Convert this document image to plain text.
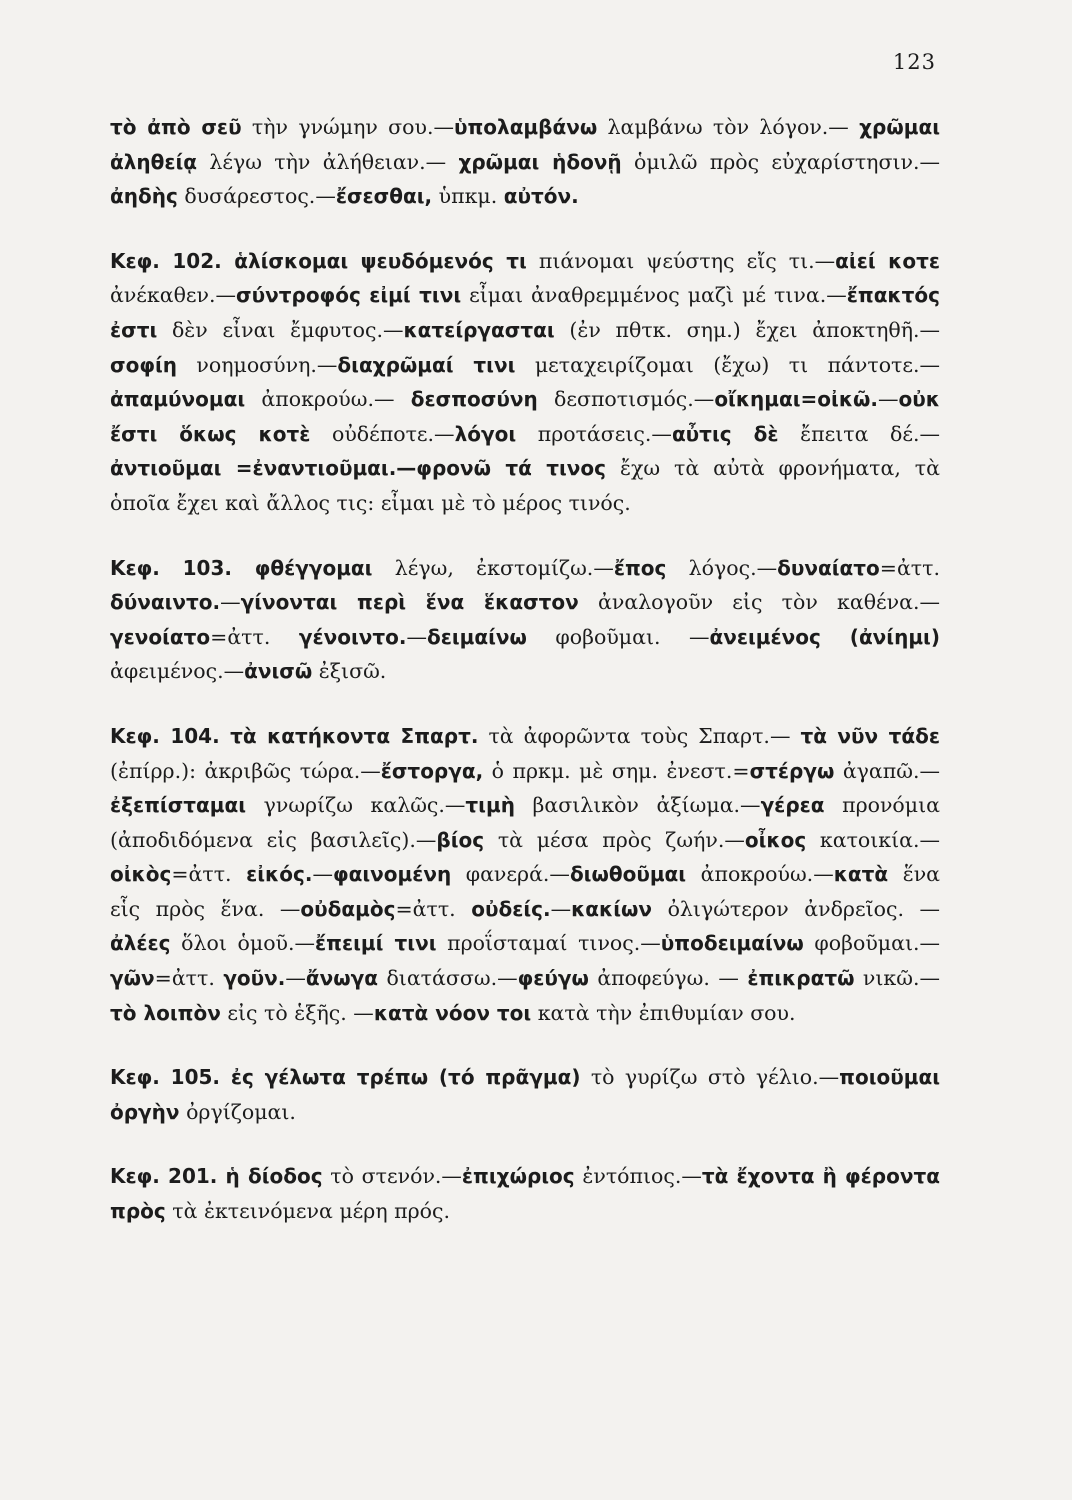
123

τὸ ἀπὸ σεῦ τὴν γνώμην σου.—ὑπολαμβάνω λαμβάνω τὸν λόγον.— χρῶμαι ἀληθείᾳ λέγω τὴν ἀλήθειαν.— χρῶμαι ἡδονῇ ὁμιλῶ πρὸς εὐχαρίστησιν.—ἀηδὴς δυσάρεστος.—ἔσεσθαι, ὑπκμ. αὐτόν.

Κεφ. 102. ἁλίσκομαι ψευδόμενός τι πιάνομαι ψεύστης εἴς τι.—αἰεί κοτε ἀνέκαθεν.—σύντροφός εἰμί τινι εἶμαι ἀναθρεμμένος μαζὶ μέ τινα.—ἔπακτός ἐστι δὲν εἶναι ἔμφυτος.—κατείργασται (ἐν πθτκ. σημ.) ἔχει ἀποκτηθῆ.—σοφίη νοημοσύνη.—διαχρῶμαί τινι μεταχειρίζομαι (ἔχω) τι πάντοτε.—ἀπαμύνομαι ἀποκρούω.— δεσποσύνη δεσποτισμός.—οἴκημαι=οἰκῶ.—οὐκ ἔστι ὅκως κοτὲ οὐδέποτε.—λόγοι προτάσεις.—αὖτις δὲ ἔπειτα δέ.—ἀντιοῦμαι =ἐναντιοῦμαι.—φρονῶ τά τινος ἔχω τὰ αὐτὰ φρονήματα, τὰ ὁποῖα ἔχει καὶ ἄλλος τις: εἶμαι μὲ τὸ μέρος τινός.

Κεφ. 103. φθέγγομαι λέγω, ἐκστομίζω.—ἔπος λόγος.—δυναίατο=ἀττ. δύναιντο.—γίνονται περὶ ἕνα ἕκαστον ἀναλογοῦν εἰς τὸν καθένα.—γενοίατο=ἀττ. γένοιντο.—δειμαίνω φοβοῦμαι. —ἀνειμένος (ἀνίημι) ἀφειμένος.—ἀνισῶ ἐξισῶ.

Κεφ. 104. τὰ κατήκοντα Σπαρτ. τὰ ἀφορῶντα τοὺς Σπαρτ.— τὰ νῦν τάδε (ἐπίρρ.): ἀκριβῶς τώρα.—ἔστοργα, ὁ πρκμ. μὲ σημ. ἐνεστ.=στέργω ἀγαπῶ.—ἐξεπίσταμαι γνωρίζω καλῶς.—τιμὴ βασιλικὸν ἀξίωμα.—γέρεα προνόμια (ἀποδιδόμενα εἰς βασιλεῖς).—βίος τὰ μέσα πρὸς ζωήν.—οἶκος κατοικία.—οἰκὸς=ἀττ. εἰκός.—φαινομένη φανερά.—διωθοῦμαι ἀποκρούω.—κατὰ ἕνα εἷς πρὸς ἕνα. —οὐδαμὸς=ἀττ. οὐδείς.—κακίων ὀλιγώτερον ἀνδρεῖος. — ἀλέες ὅλοι ὁμοῦ.—ἔπειμί τινι προΐσταμαί τινος.—ὑποδειμαίνω φοβοῦμαι.—γῶν=ἀττ. γοῦν.—ἄνωγα διατάσσω.—φεύγω ἀποφεύγω. — ἐπικρατῶ νικῶ.—τὸ λοιπὸν εἰς τὸ ἑξῆς. —κατὰ νόον τοι κατὰ τὴν ἐπιθυμίαν σου.

Κεφ. 105. ἐς γέλωτα τρέπω (τό πρᾶγμα) τὸ γυρίζω στὸ γέλιο.—ποιοῦμαι ὀργὴν ὀργίζομαι.

Κεφ. 201. ἡ δίοδος τὸ στενόν.—ἐπιχώριος ἐντόπιος.—τὰ ἔχοντα ἢ φέροντα πρὸς τὰ ἐκτεινόμενα μέρη πρός.
